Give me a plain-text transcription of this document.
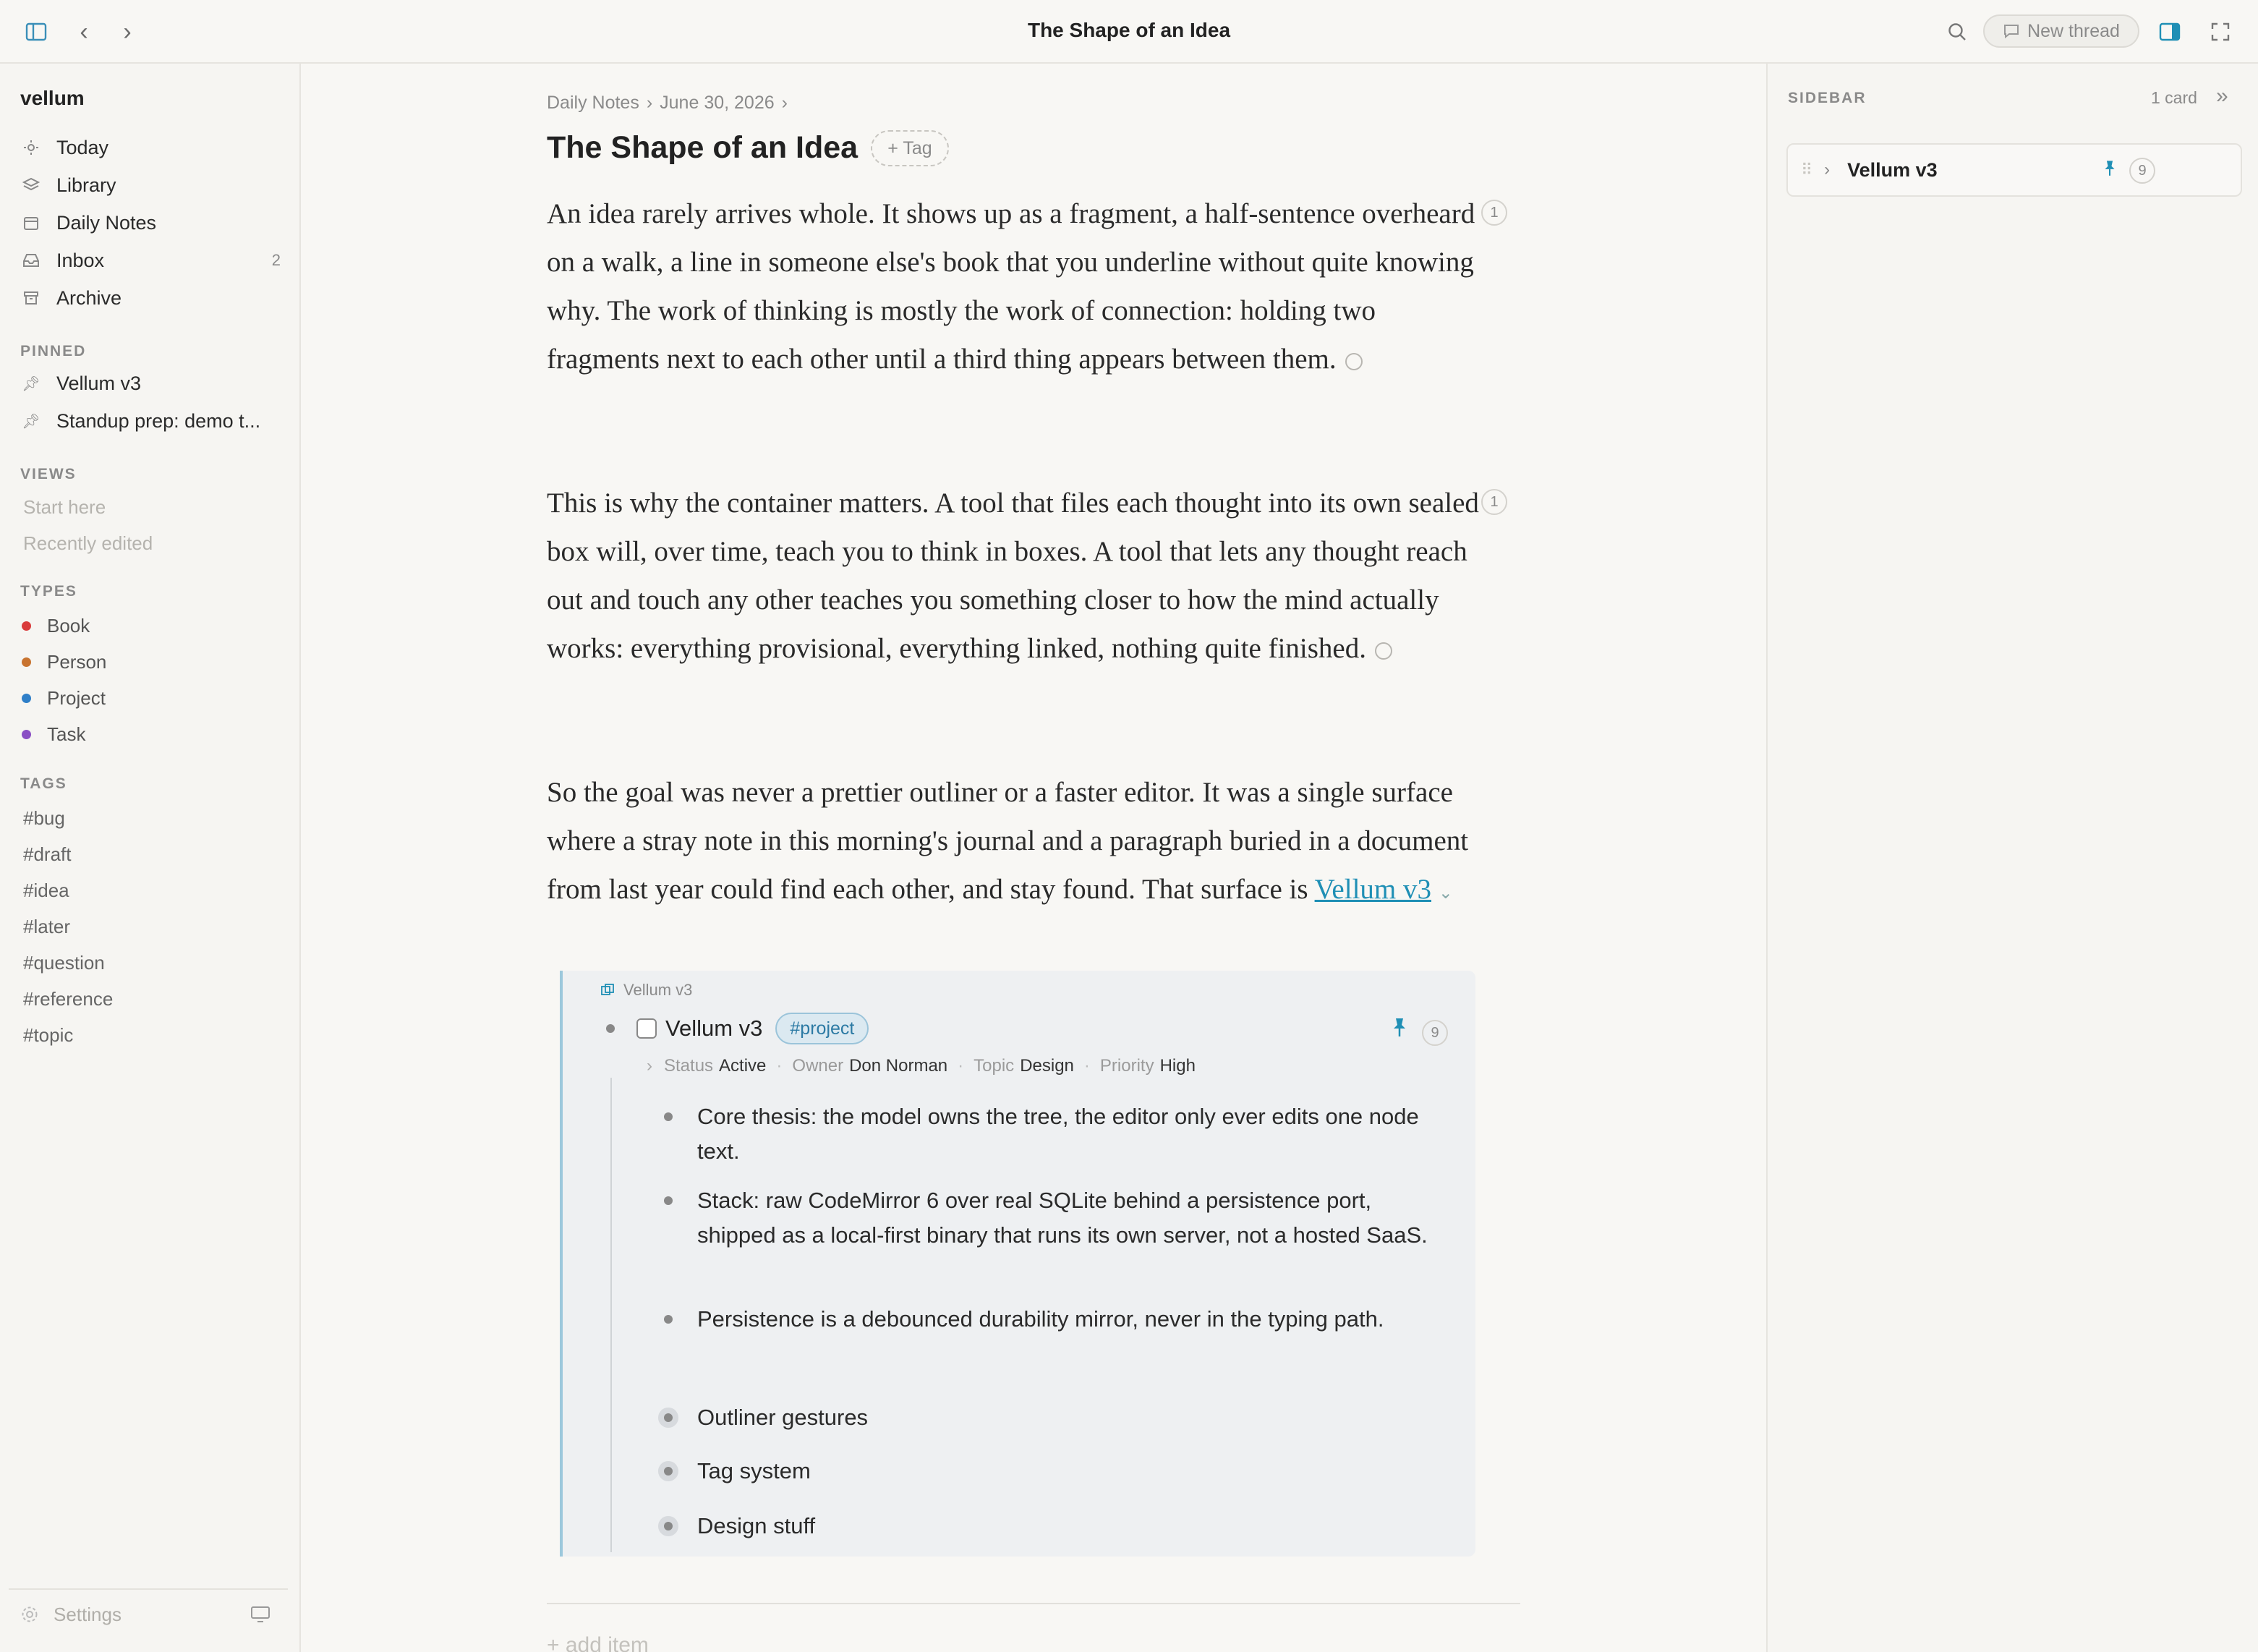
‹	›	The Shape of an Idea	New thread
vellum
Today
Library
Daily Notes
Inbox	2
Archive
PINNED
📌︎ Vellum v3
📌︎ Standup prep: demo t...
VIEWS
Start here
Recently edited
TYPES
Book
Person
Project
Task
TAGS
#bug
#draft
#idea
#later
#question
#reference
#topic
Settings
Daily Notes › June 30, 2026 ›
The Shape of an Idea	+ Tag
An idea rarely arrives whole. It shows up as a fragment, a half-sentence overheard on a walk, a line in someone else's book that you underline without quite knowing why. The work of thinking is mostly the work of connection: holding two fragments next to each other until a third thing appears between them.
1
This is why the container matters. A tool that files each thought into its own sealed box will, over time, teach you to think in boxes. A tool that lets any thought reach out and touch any other teaches you something closer to how the mind actually works: everything provisional, everything linked, nothing quite finished.
1
So the goal was never a prettier outliner or a faster editor. It was a single surface where a stray note in this morning's journal and a paragraph buried in a document from last year could find each other, and stay found. That surface is Vellum v3 ⌄
Vellum v3
Vellum v3	#project	9
› Status Active · Owner Don Norman · Topic Design · Priority High
Core thesis: the model owns the tree, the editor only ever edits one node text.
Stack: raw CodeMirror 6 over real SQLite behind a persistence port, shipped as a local-first binary that runs its own server, not a hosted SaaS.
Persistence is a debounced durability mirror, never in the typing path.
Outliner gestures
Tag system
Design stuff
+ add item
SIDEBAR	1 card »
⠿ › Vellum v3	9
